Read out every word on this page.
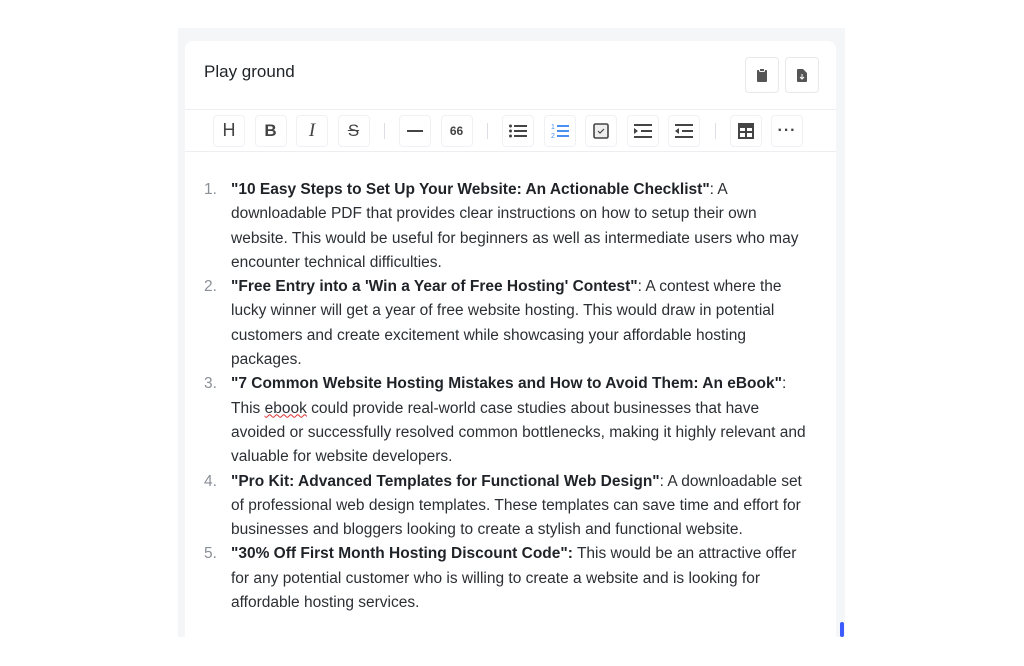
Play ground
H B I S	66	1
2	···
1. "10 Easy Steps to Set Up Your Website: An Actionable Checklist": A downloadable PDF that provides clear instructions on how to setup their own website. This would be useful for beginners as well as intermediate users who may encounter technical difficulties.
2. "Free Entry into a 'Win a Year of Free Hosting' Contest": A contest where the lucky winner will get a year of free website hosting. This would draw in potential customers and create excitement while showcasing your affordable hosting packages.
3. "7 Common Website Hosting Mistakes and How to Avoid Them: An eBook": This ebook could provide real-world case studies about businesses that have avoided or successfully resolved common bottlenecks, making it highly relevant and valuable for website developers.
4. "Pro Kit: Advanced Templates for Functional Web Design": A downloadable set of professional web design templates. These templates can save time and effort for businesses and bloggers looking to create a stylish and functional website.
5. "30% Off First Month Hosting Discount Code": This would be an attractive offer for any potential customer who is willing to create a website and is looking for affordable hosting services.
